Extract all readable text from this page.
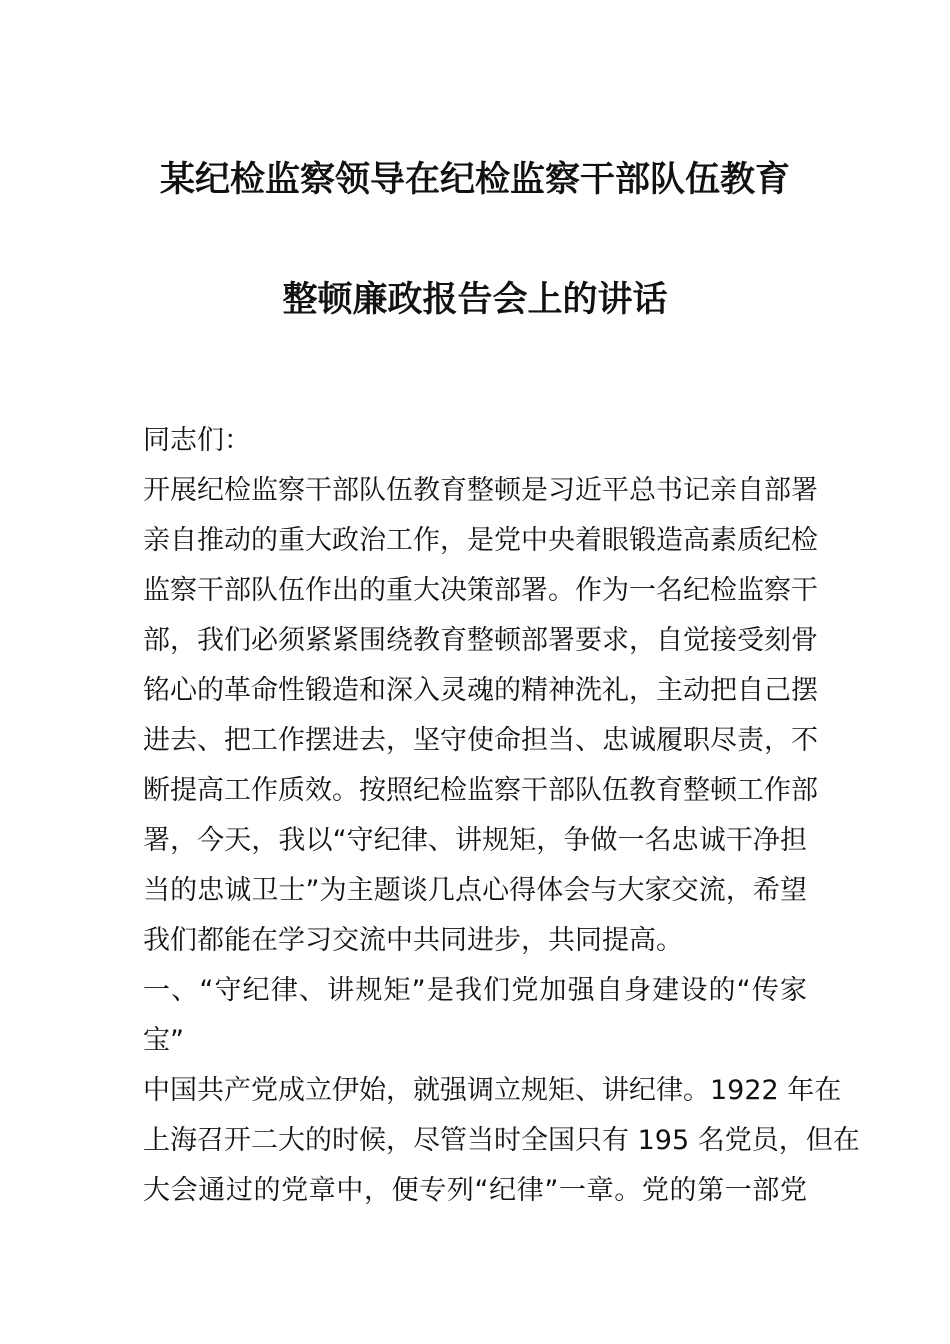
某纪检监察领导在纪检监察干部队伍教育
整顿廉政报告会上的讲话
同志们：
开展纪检监察干部队伍教育整顿是习近平总书记亲自部署
亲自推动的重大政治工作，是党中央着眼锻造高素质纪检
监察干部队伍作出的重大决策部署。作为一名纪检监察干
部，我们必须紧紧围绕教育整顿部署要求，自觉接受刻骨
铭心的革命性锻造和深入灵魂的精神洗礼，主动把自己摆
进去、把工作摆进去，坚守使命担当、忠诚履职尽责，不
断提高工作质效。按照纪检监察干部队伍教育整顿工作部
署，今天，我以“守纪律、讲规矩，争做一名忠诚干净担
当的忠诚卫士”为主题谈几点心得体会与大家交流，希望
我们都能在学习交流中共同进步，共同提高。
一、“守纪律、讲规矩”是我们党加强自身建设的“传家
宝”
中国共产党成立伊始，就强调立规矩、讲纪律。1922 年在
上海召开二大的时候，尽管当时全国只有 195 名党员，但在
大会通过的党章中，便专列“纪律”一章。党的第一部党
